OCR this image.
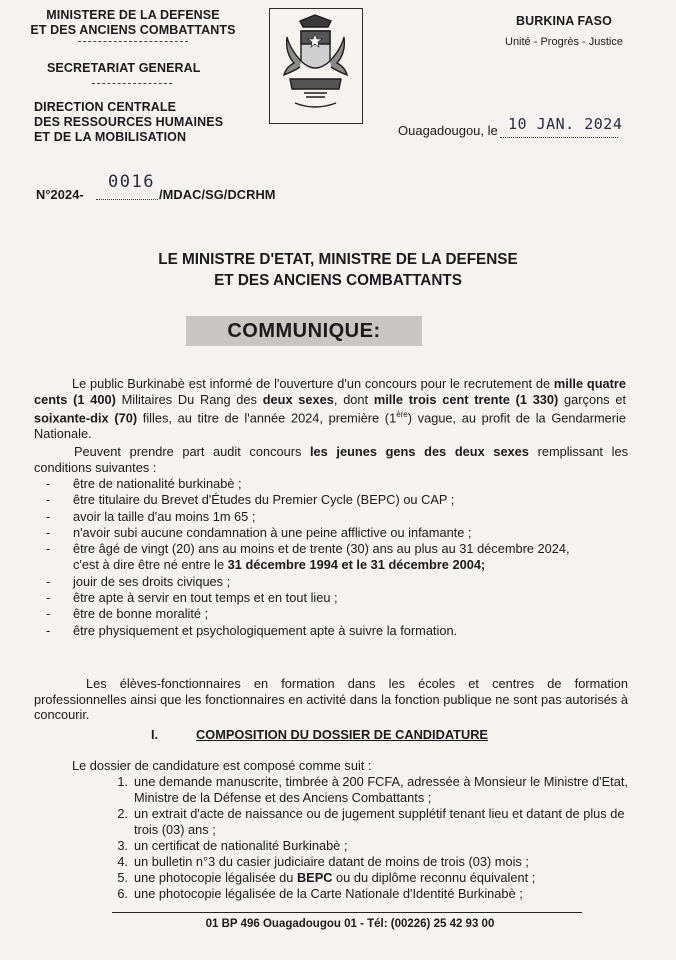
MINISTERE DE LA DEFENSE
ET DES ANCIENS COMBATTANTS
SECRETARIAT GENERAL
DIRECTION CENTRALE
DES RESSOURCES HUMAINES
ET DE LA MOBILISATION
BURKINA FASO
Unité - Progrès - Justice
Ouagadougou, le 10 JAN. 2024
N°2024-
0016
/MDAC/SG/DCRHM
LE MINISTRE D'ETAT, MINISTRE DE LA DEFENSE
ET DES ANCIENS COMBATTANTS
COMMUNIQUE:
Le public Burkinabè est informé de l'ouverture d'un concours pour le recrutement de mille quatre cents (1 400) Militaires Du Rang des deux sexes, dont mille trois cent trente (1 330) garçons et soixante-dix (70) filles, au titre de l'année 2024, première (1ère) vague, au profit de la Gendarmerie Nationale.
Peuvent prendre part audit concours les jeunes gens des deux sexes remplissant les conditions suivantes :
-	être de nationalité burkinabè ;
-	être titulaire du Brevet d'Études du Premier Cycle (BEPC) ou CAP ;
-	avoir la taille d'au moins 1m 65 ;
-	n'avoir subi aucune condamnation à une peine afflictive ou infamante ;
-	être âgé de vingt (20) ans au moins et de trente (30) ans au plus au 31 décembre 2024,
c'est à dire être né entre le 31 décembre 1994 et le 31 décembre 2004;
-	jouir de ses droits civiques ;
-	être apte à servir en tout temps et en tout lieu ;
-	être de bonne moralité ;
-	être physiquement et psychologiquement apte à suivre la formation.
Les élèves-fonctionnaires en formation dans les écoles et centres de formation professionnelles ainsi que les fonctionnaires en activité dans la fonction publique ne sont pas autorisés à concourir.
I.	COMPOSITION DU DOSSIER DE CANDIDATURE
Le dossier de candidature est composé comme suit :
1. une demande manuscrite, timbrée à 200 FCFA, adressée à Monsieur le Ministre d'Etat, Ministre de la Défense et des Anciens Combattants ;
2. un extrait d'acte de naissance ou de jugement supplétif tenant lieu et datant de plus de trois (03) ans ;
3. un certificat de nationalité Burkinabè ;
4. un bulletin n°3 du casier judiciaire datant de moins de trois (03) mois ;
5. une photocopie légalisée du BEPC ou du diplôme reconnu équivalent ;
6. une photocopie légalisée de la Carte Nationale d'Identité Burkinabè ;
01 BP 496 Ouagadougou 01 - Tél: (00226) 25 42 93 00
